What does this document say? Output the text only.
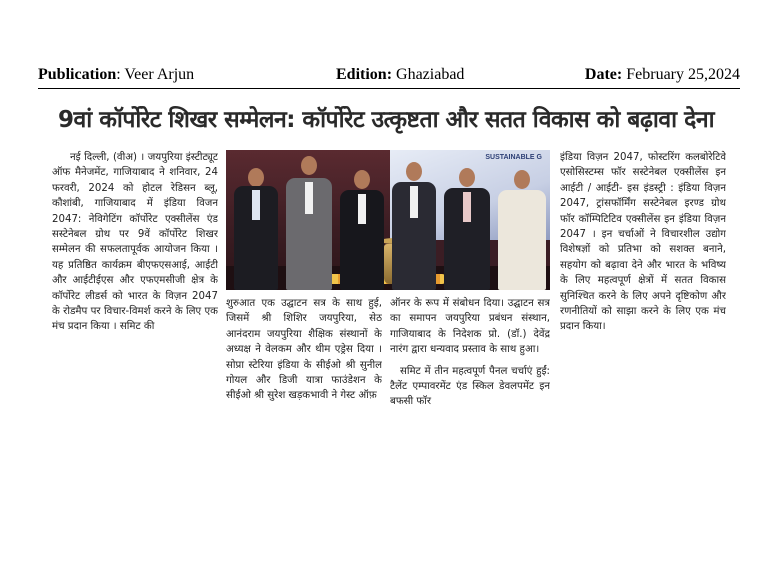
Publication: Veer Arjun	Edition: Ghaziabad	Date: February 25,2024
9वां कॉर्पोरेट शिखर सम्मेलन: कॉर्पोरेट उत्कृष्टता और सतत विकास को बढ़ावा देना

नई दिल्ली, (वीअ) । जयपुरिया इंस्टीट्यूट ऑफ मैनेजमेंट, गाजियाबाद ने शनिवार, 24 फरवरी, 2024 को होटल रेडिसन ब्लू, कौशांबी, गाजियाबाद में इंडिया विजन 2047: नेविगेटिंग कॉर्पोरेट एक्सीलेंस एंड सस्टेनेबल ग्रोथ पर 9वें कॉर्पोरेट शिखर सम्मेलन की सफलतापूर्वक आयोजन किया । यह प्रतिष्ठित कार्यक्रम बीएफएसआई, आईटी और आईटीईएस और एफएमसीजी क्षेत्र के कॉर्पोरेट लीडर्स को भारत के विज़न 2047 के रोडमैप पर विचार-विमर्श करने के लिए एक मंच प्रदान किया । समिट की

SUSTAINABLE G

शुरुआत एक उद्घाटन सत्र के साथ हुई, जिसमें श्री शिशिर जयपुरिया, सेठ आनंदराम जयपुरिया शैक्षिक संस्थानों के अध्यक्ष ने वेलकम और थीम एड्रेस दिया । सोप्रा स्टेरिया इंडिया के सीईओ श्री सुनील गोयल और डिजी यात्रा फाउंडेशन के सीईओ श्री सुरेश खड़कभावी ने गेस्ट ऑफ़

ऑनर के रूप में संबोधन दिया। उद्घाटन सत्र का समापन जयपुरिया प्रबंधन संस्थान, गाजियाबाद के निदेशक प्रो. (डॉ.) देवेंद्र नारंग द्वारा धन्यवाद प्रस्ताव के साथ हुआ।

समिट में तीन महत्वपूर्ण पैनल चर्चाएं हुईं: टैलेंट एम्पावरमेंट एंड स्किल डेवलपमेंट इन बफसी फॉर

इंडिया विज़न 2047, फोस्टरिंग कलबोरेटिवे एसोसिस्टम्स फॉर सस्टेनेबल एक्सीलेंस इन आईटी / आईटी- इस इंडस्ट्री : इंडिया विज़न 2047, ट्रांसफॉर्मिंग सस्टेनेबल इरण्ड ग्रोथ फॉर कॉम्पिटिटिव एक्सीलेंस इन इंडिया विज़न 2047 । इन चर्चाओं ने विचारशील उद्योग विशेषज्ञों को प्रतिभा को सशक्त बनाने, सहयोग को बढ़ावा देने और भारत के भविष्य के लिए महत्वपूर्ण क्षेत्रों में सतत विकास सुनिश्चित करने के लिए अपने दृष्टिकोण और रणनीतियों को साझा करने के लिए एक मंच प्रदान किया।
